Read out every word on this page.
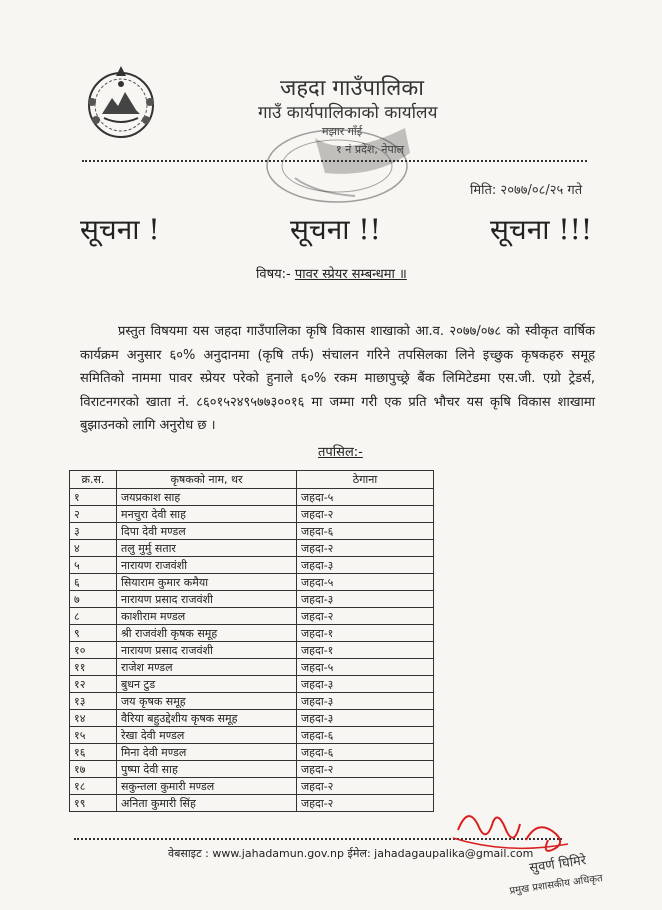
जहदा गाउँपालिका
गाउँ कार्यपालिकाको कार्यालय
मझार गाँई
१ नं प्रदेश, नेपाल
मिति: २०७७/०८/२५ गते
सूचना !	सूचना !!	सूचना !!!
विषय:- पावर स्प्रेयर सम्बन्धमा ॥
प्रस्तुत विषयमा यस जहदा गाउँपालिका कृषि विकास शाखाको आ.व. २०७७/०७८ को स्वीकृत वार्षिक कार्यक्रम अनुसार ६०% अनुदानमा (कृषि तर्फ) संचालन गरिने तपसिलका लिने इच्छुक कृषकहरु समूह समितिको नाममा पावर स्प्रेयर परेको हुनाले ६०% रकम माछापुच्छ्रे बैंक लिमिटेडमा एस.जी. एग्रो ट्रेडर्स, विराटनगरको खाता नं. ८६०१५२४९५७७३००१६ मा जम्मा गरी एक प्रति भौचर यस कृषि विकास शाखामा बुझाउनको लागि अनुरोध छ ।
तपसिल:-
क्र.स.	कृषकको नाम, थर	ठेगाना
१	जयप्रकाश साह	जहदा-५
२	मनचुरा देवी साह	जहदा-२
३	दिपा देवी मण्डल	जहदा-६
४	तलु मुर्मु सतार	जहदा-२
५	नारायण राजवंशी	जहदा-३
६	सियाराम कुमार कमैया	जहदा-५
७	नारायण प्रसाद राजवंशी	जहदा-३
८	काशीराम मण्डल	जहदा-२
९	श्री राजवंशी कृषक समूह	जहदा-१
१०	नारायण प्रसाद राजवंशी	जहदा-१
११	राजेश मण्डल	जहदा-५
१२	बुधन टुड	जहदा-३
१३	जय कृषक समूह	जहदा-३
१४	वैरिया बहुउद्देशीय कृषक समूह	जहदा-३
१५	रेखा देवी मण्डल	जहदा-६
१६	मिना देवी मण्डल	जहदा-६
१७	पुष्पा देवी साह	जहदा-२
१८	सकुन्तला कुमारी मण्डल	जहदा-२
१९	अनिता कुमारी सिंह	जहदा-२
वेबसाइट : www.jahadamun.gov.np ईमेल: jahadagaupalika@gmail.com
सुवर्ण घिमिरे
प्रमुख प्रशासकीय अधिकृत
